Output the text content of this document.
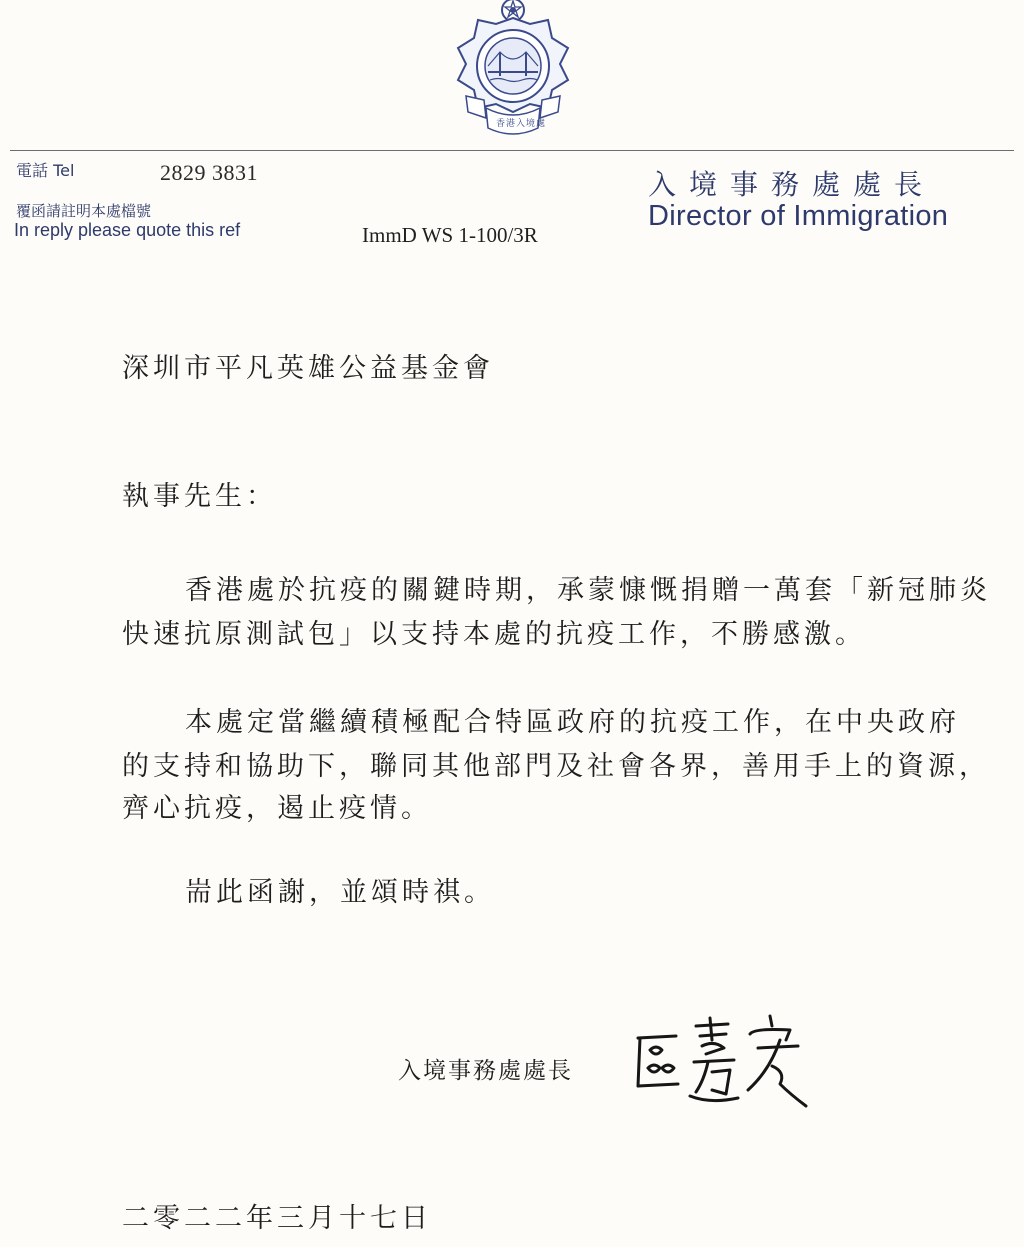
香港入境處
電話 Tel	2829 3831
覆函請註明本處檔號
In reply please quote this ref	ImmD WS 1-100/3R
入境事務處處長
Director of Immigration
深圳市平凡英雄公益基金會
執事先生：
香港處於抗疫的關鍵時期，承蒙慷慨捐贈一萬套「新冠肺炎
快速抗原測試包」以支持本處的抗疫工作，不勝感激。
本處定當繼續積極配合特區政府的抗疫工作，在中央政府
的支持和協助下，聯同其他部門及社會各界，善用手上的資源，
齊心抗疫，遏止疫情。
耑此函謝，並頌時祺。
入境事務處處長
二零二二年三月十七日
